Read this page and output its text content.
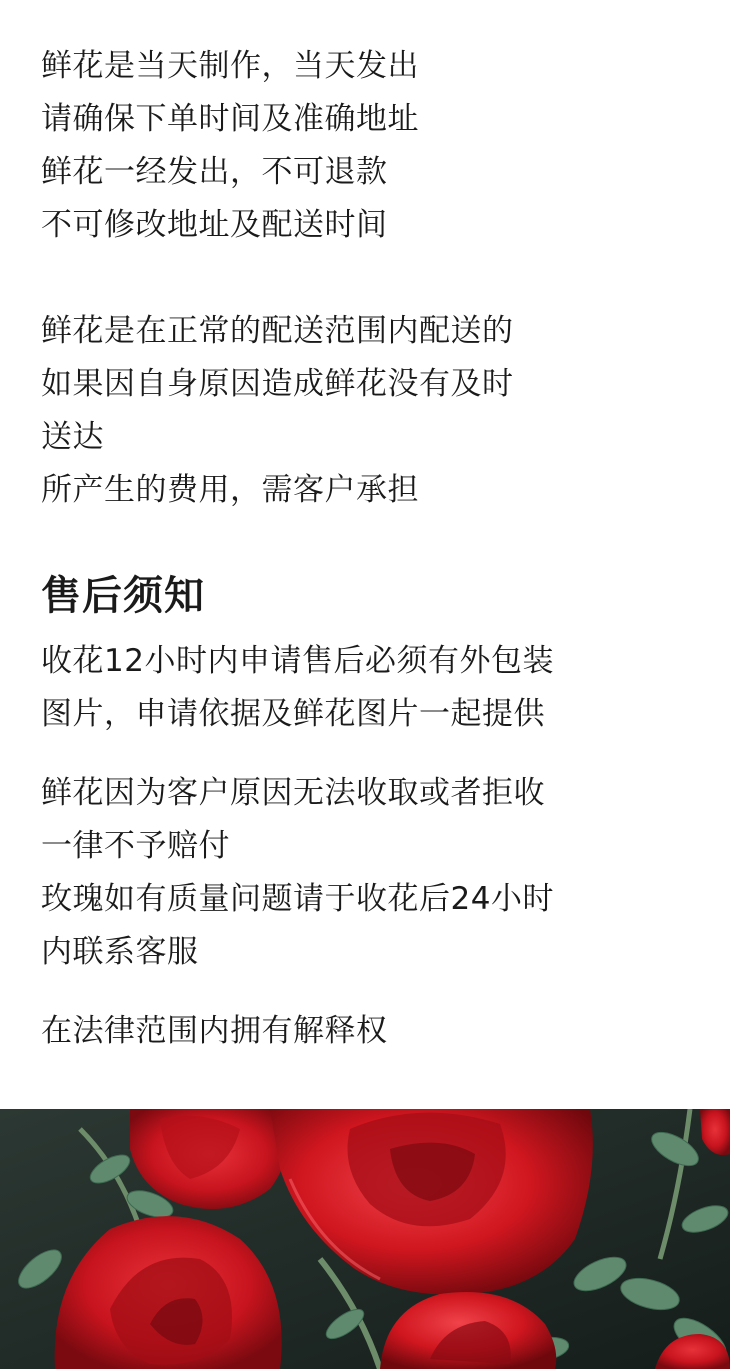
鲜花是当天制作，当天发出
请确保下单时间及准确地址
鲜花一经发出，不可退款
不可修改地址及配送时间
鲜花是在正常的配送范围内配送的
如果因自身原因造成鲜花没有及时
送达
所产生的费用，需客户承担
售后须知
收花12小时内申请售后必须有外包装
图片，申请依据及鲜花图片一起提供
鲜花因为客户原因无法收取或者拒收
一律不予赔付
玫瑰如有质量问题请于收花后24小时
内联系客服
在法律范围内拥有解释权
